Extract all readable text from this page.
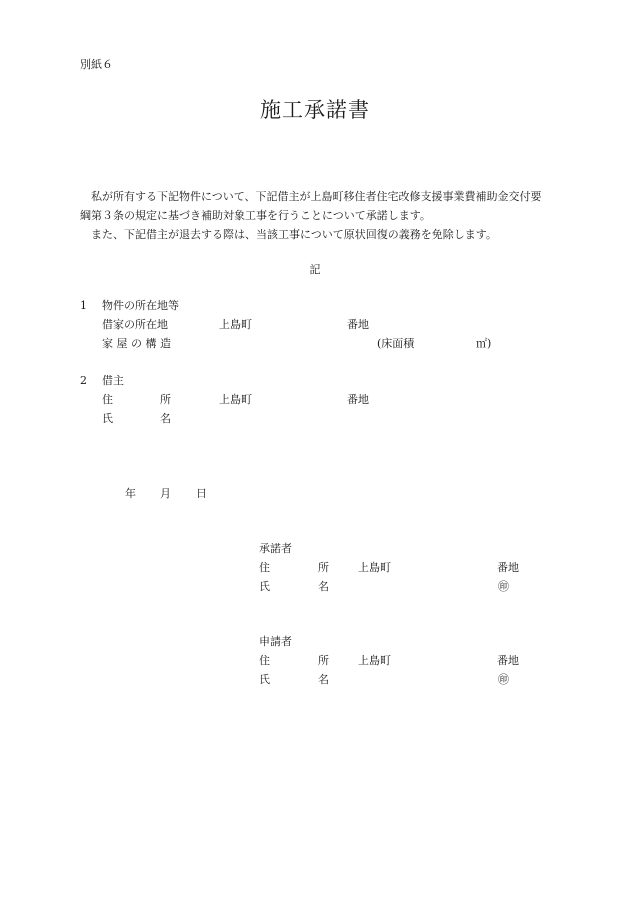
別紙６
施工承諾書
私が所有する下記物件について、下記借主が上島町移住者住宅改修支援事業費補助金交付要
綱第３条の規定に基づき補助対象工事を行うことについて承諾します。
また、下記借主が退去する際は、当該工事について原状回復の義務を免除します。
記
1 物件の所在地等
借家の所在地	上島町	番地
家 屋 の 構 造	(床面積	㎡)
2 借主
住	所	上島町	番地
氏	名
年 月 日
承諾者
住	所	上島町	番地
氏	名	㊞
申請者
住	所	上島町	番地
氏	名	㊞
